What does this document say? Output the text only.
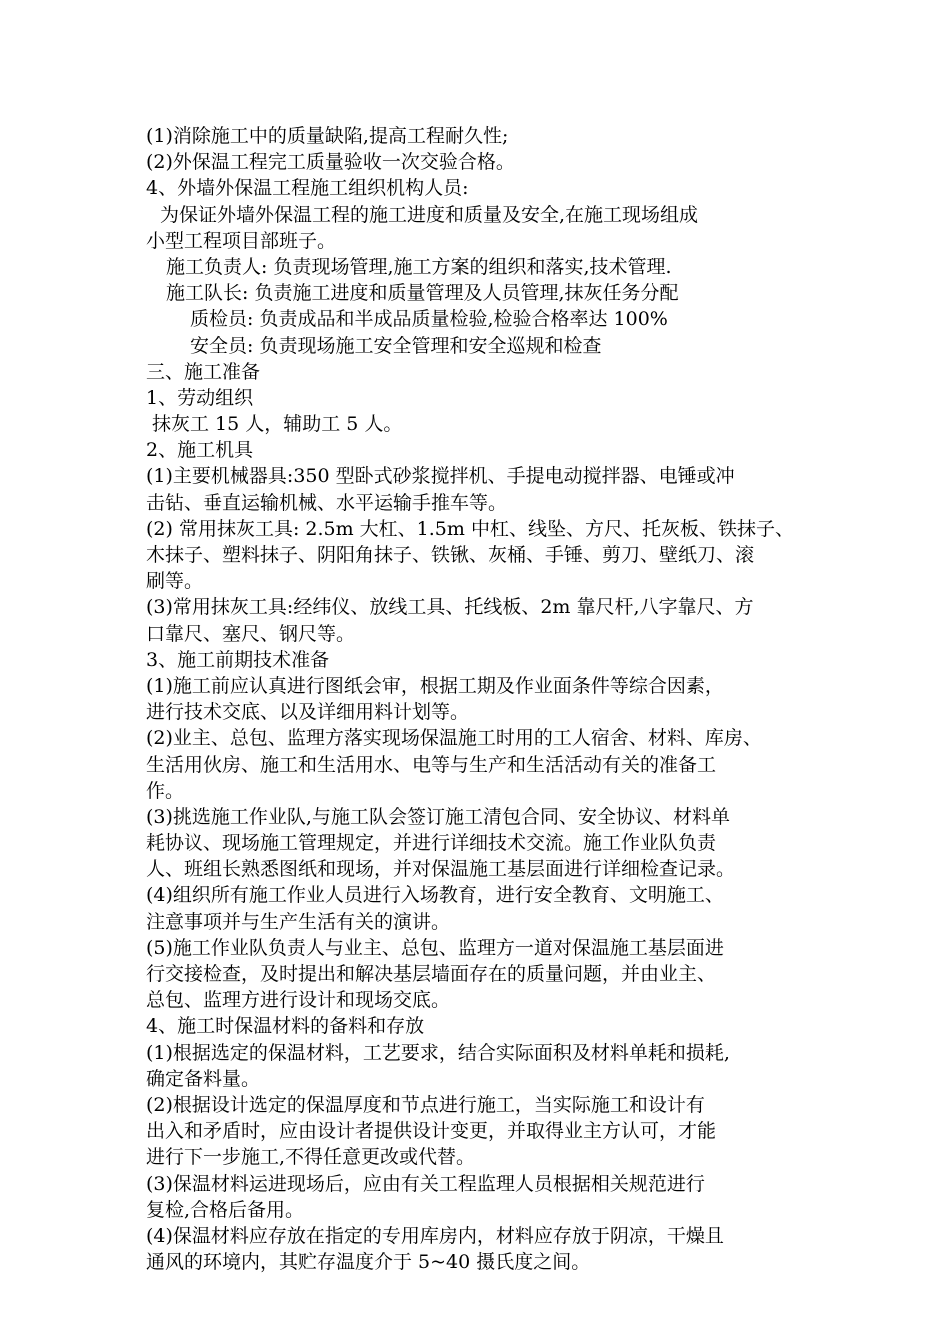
(1)消除施工中的质量缺陷,提高工程耐久性;
(2)外保温工程完工质量验收一次交验合格。
4、外墙外保温工程施工组织机构人员:
为保证外墙外保温工程的施工进度和质量及安全,在施工现场组成
小型工程项目部班子。
施工负责人: 负责现场管理,施工方案的组织和落实,技术管理.
施工队长: 负责施工进度和质量管理及人员管理,抹灰任务分配
质检员: 负责成品和半成品质量检验,检验合格率达 100%
安全员: 负责现场施工安全管理和安全巡规和检查
三、施工准备
1、劳动组织
抹灰工 15 人，辅助工 5 人。
2、施工机具
(1)主要机械器具:350 型卧式砂浆搅拌机、手提电动搅拌器、电锤或冲
击钻、垂直运输机械、水平运输手推车等。
(2) 常用抹灰工具: 2.5m 大杠、1.5m 中杠、线坠、方尺、托灰板、铁抹子、
木抹子、塑料抹子、阴阳角抹子、铁锹、灰桶、手锤、剪刀、壁纸刀、滚
刷等。
(3)常用抹灰工具:经纬仪、放线工具、托线板、2m 靠尺杆,八字靠尺、方
口靠尺、塞尺、钢尺等。
3、施工前期技术准备
(1)施工前应认真进行图纸会审，根据工期及作业面条件等综合因素，
进行技术交底、以及详细用料计划等。
(2)业主、总包、监理方落实现场保温施工时用的工人宿舍、材料、库房、
生活用伙房、施工和生活用水、电等与生产和生活活动有关的准备工
作。
(3)挑选施工作业队,与施工队会签订施工清包合同、安全协议、材料单
耗协议、现场施工管理规定，并进行详细技术交流。施工作业队负责
人、班组长熟悉图纸和现场，并对保温施工基层面进行详细检查记录。
(4)组织所有施工作业人员进行入场教育，进行安全教育、文明施工、
注意事项并与生产生活有关的演讲。
(5)施工作业队负责人与业主、总包、监理方一道对保温施工基层面进
行交接检查，及时提出和解决基层墙面存在的质量问题，并由业主、
总包、监理方进行设计和现场交底。
4、施工时保温材料的备料和存放
(1)根据选定的保温材料，工艺要求，结合实际面积及材料单耗和损耗,
确定备料量。
(2)根据设计选定的保温厚度和节点进行施工，当实际施工和设计有
出入和矛盾时，应由设计者提供设计变更，并取得业主方认可，才能
进行下一步施工,不得任意更改或代替。
(3)保温材料运进现场后，应由有关工程监理人员根据相关规范进行
复检,合格后备用。
(4)保温材料应存放在指定的专用库房内，材料应存放于阴凉，干燥且
通风的环境内，其贮存温度介于 5~40 摄氏度之间。
